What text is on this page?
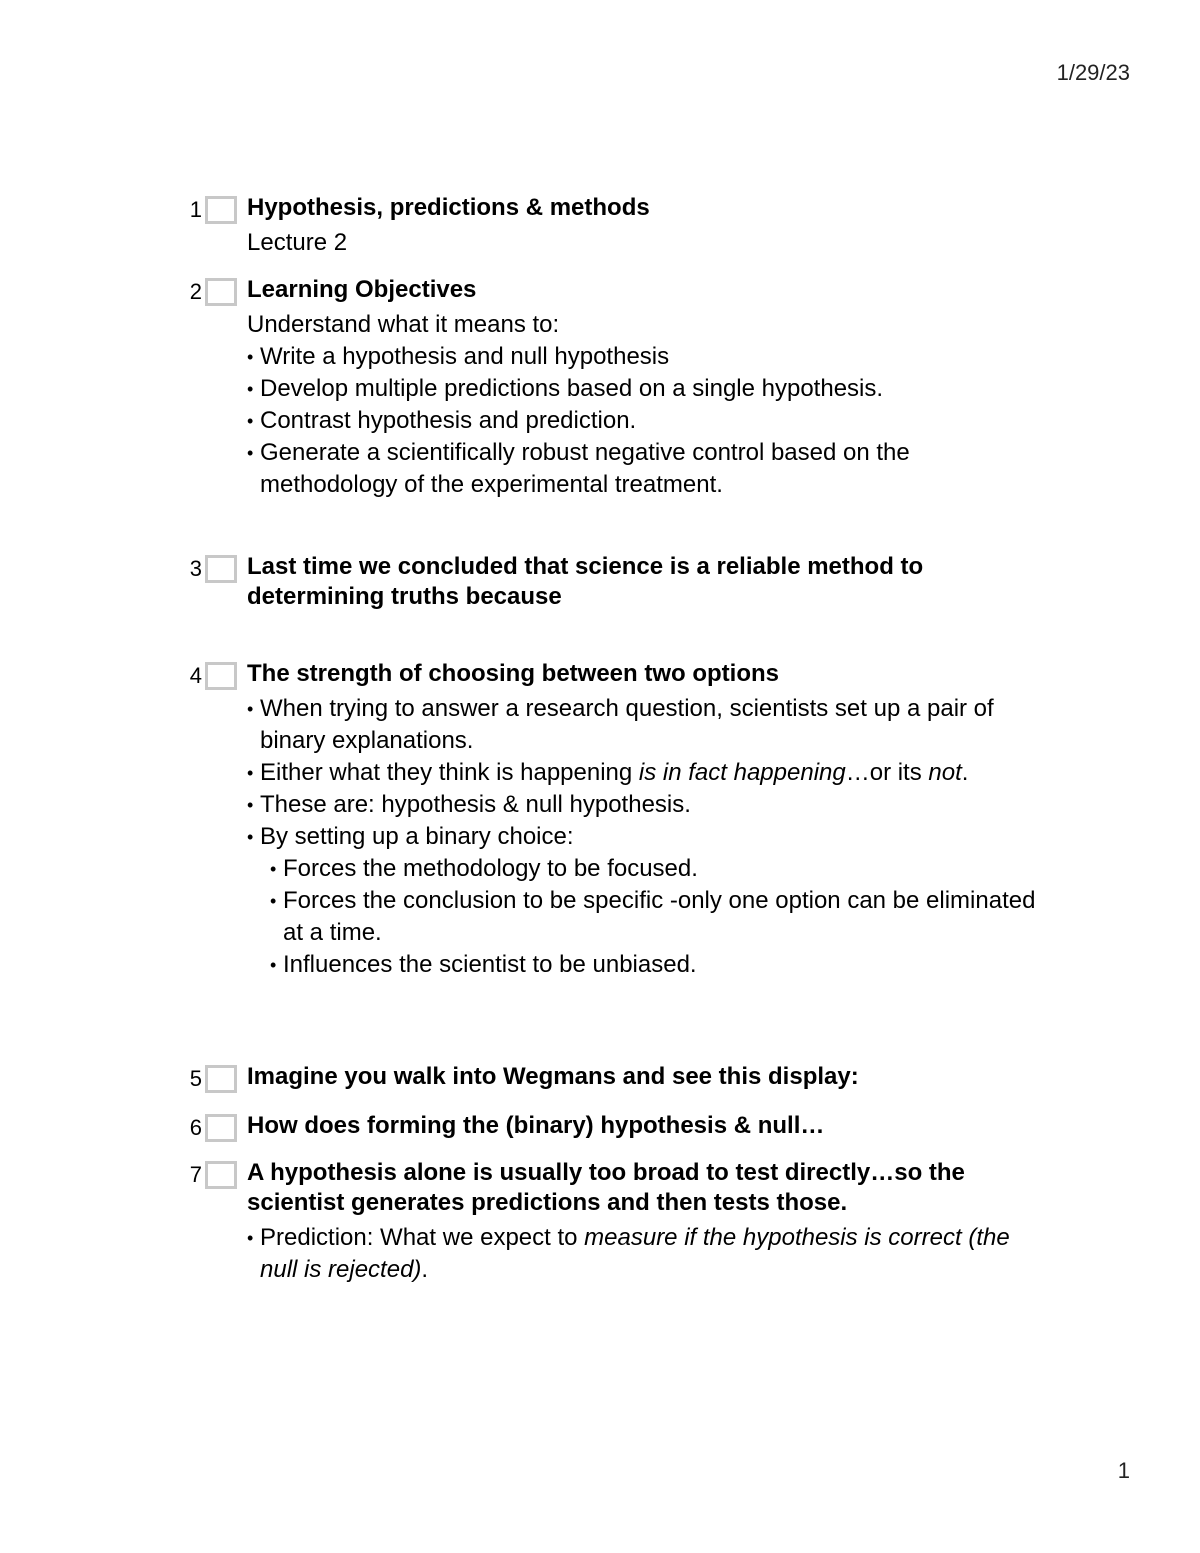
1/29/23
1 Hypothesis, predictions & methods

Lecture 2

2 Learning Objectives

Understand what it means to:

• Write a hypothesis and null hypothesis
• Develop multiple predictions based on a single hypothesis.
• Contrast hypothesis and prediction.
• Generate a scientifically robust negative control based on the methodology of the experimental treatment.
3 Last time we concluded that science is a reliable method to determining truths because

4 The strength of choosing between two options

• When trying to answer a research question, scientists set up a pair of binary explanations.
• Either what they think is happening is in fact happening…or its not.
• These are: hypothesis & null hypothesis.
• By setting up a binary choice:
• Forces the methodology to be focused.
• Forces the conclusion to be specific -only one option can be eliminated at a time.
• Influences the scientist to be unbiased.
5 Imagine you walk into Wegmans and see this display:

6 How does forming the (binary) hypothesis & null…

7 A hypothesis alone is usually too broad to test directly…so the scientist generates predictions and then tests those.

• Prediction: What we expect to measure if the hypothesis is correct (the null is rejected).
1
